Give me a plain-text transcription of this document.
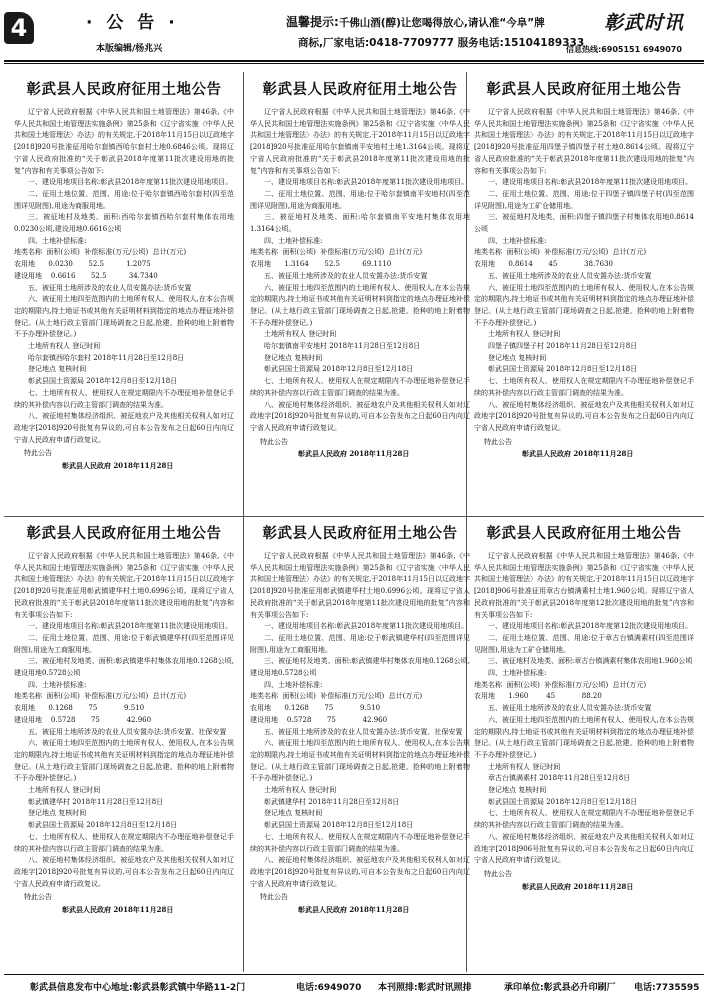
4	· 公 告 ·
本版编辑/杨兆兴
温馨提示:千佛山酒(醇)让您喝得放心,请认准“今阜”牌
商标,厂家电话:0418-7709777 服务电话:15104189333
彰武时讯
信息热线:6905151 6949070
彰武县人民政府征用土地公告

辽宁省人民政府根据《中华人民共和国土地管理法》第46条,《中华人民共和国土地管理法实施条例》第25条和《辽宁省实施〈中华人民共和国土地管理法〉办法》的有关规定,于2018年11月15日以辽政地字[2018]920号批准征用哈尔套镇西哈尔套村土地0.6846公顷。现将辽宁省人民政府批准的“关于彰武县2018年度第11批次建设用地的批复”内容和有关事项公告如下:

一、建设用地项目名称:彰武县2018年度第11批次建设用地项目。

二、征用土地位置、范围、用途:位于哈尔套镇西哈尔套村(四至范围详见附图),用途为商服用地。

三、被征地村及地类、面积:西哈尔套镇西哈尔套村集体农用地0.0230公顷,建设用地0.6616公顷

四、土地补偿标准:

地类名称  面积(公顷)  补偿标准(万元/公顷)  总计(万元)

农用地      0.0230       52.5          1.2075

建设用地    0.6616       52.5          34.7340

五、被征用土地所涉及的农业人员安置办法:货币安置

六、被征用土地四至范围内的土地所有权人、使用权人,在本公告规定的期限内,持土地证书或其他有关证明材料到指定的地点办理征地补偿登记。(从土地行政主管部门现场调查之日起,抢建、抢种的地上附着物不予办理补偿登记。)

土地所有权人 登记时间

哈尔套镇西哈尔套村 2018年11月28日至12月8日

登记地点 复核时间

彰武县国土资源局 2018年12月8日至12月18日

七、土地所有权人、使用权人在规定期限内不办理征地补偿登记手续的其补偿内容以行政主管部门调查的结果为准。

八、被征地村集体经济组织、被征地农户及其他相关权利人如对辽政地字[2018]920号批复有异议的,可自本公告发布之日起60日内向辽宁省人民政府申请行政复议。

特此公告
彰武县人民政府 2018年11月28日
彰武县人民政府征用土地公告

辽宁省人民政府根据《中华人民共和国土地管理法》第46条,《中华人民共和国土地管理法实施条例》第25条和《辽宁省实施〈中华人民共和国土地管理法〉办法》的有关规定,于2018年11月15日以辽政地字[2018]920号批准征用哈尔套镇南平安地村土地1.3164公顷。现将辽宁省人民政府批准的“关于彰武县2018年度第11批次建设用地的批复”内容和有关事项公告如下:

一、建设用地项目名称:彰武县2018年度第11批次建设用地项目。

二、征用土地位置、范围、用途:位于哈尔套镇南平安地村(四至范围详见附图),用途为商服用地。

三、被征地村及地类、面积:哈尔套镇南平安地村集体农用地1.3164公顷。

四、土地补偿标准:

地类名称  面积(公顷)  补偿标准(万元/公顷)  总计(万元)

农用地      1.3164       52.5          69.1110

五、被征用土地所涉及的农业人员安置办法:货币安置

六、被征用土地四至范围内的土地所有权人、使用权人,在本公告规定的期限内,持土地证书或其他有关证明材料到指定的地点办理征地补偿登记。(从土地行政主管部门现场调查之日起,抢建、抢种的地上附着物不予办理补偿登记。)

土地所有权人 登记时间

哈尔套镇南平安地村 2018年11月28日至12月8日

登记地点 复核时间

彰武县国土资源局 2018年12月8日至12月18日

七、土地所有权人、使用权人在规定期限内不办理征地补偿登记手续的其补偿内容以行政主管部门调查的结果为准。

八、被征地村集体经济组织、被征地农户及其他相关权利人如对辽政地字[2018]920号批复有异议的,可自本公告发布之日起60日内向辽宁省人民政府申请行政复议。

特此公告
彰武县人民政府 2018年11月28日
彰武县人民政府征用土地公告

辽宁省人民政府根据《中华人民共和国土地管理法》第46条,《中华人民共和国土地管理法实施条例》第25条和《辽宁省实施〈中华人民共和国土地管理法〉办法》的有关规定,于2018年11月15日以辽政地字[2018]920号批准征用四堡子镇四堡子村土地0.8614公顷。现将辽宁省人民政府批准的“关于彰武县2018年度第11批次建设用地的批复”内容和有关事项公告如下:

一、建设用地项目名称:彰武县2018年度第11批次建设用地项目。

二、征用土地位置、范围、用途:位于四堡子镇四堡子村(四至范围详见附图),用途为工矿仓储用地。

三、被征地村及地类、面积:四堡子镇四堡子村集体农用地0.8614公顷

四、土地补偿标准:

地类名称  面积(公顷)  补偿标准(万元/公顷)  总计(万元)

农用地      0.8614       45            38.7630

五、被征用土地所涉及的农业人员安置办法:货币安置

六、被征用土地四至范围内的土地所有权人、使用权人,在本公告规定的期限内,持土地证书或其他有关证明材料到指定的地点办理征地补偿登记。(从土地行政主管部门现场调查之日起,抢建、抢种的地上附着物不予办理补偿登记。)

土地所有权人 登记时间

四堡子镇四堡子村 2018年11月28日至12月8日

登记地点 复核时间

彰武县国土资源局 2018年12月8日至12月18日

七、土地所有权人、使用权人在规定期限内不办理征地补偿登记手续的其补偿内容以行政主管部门调查的结果为准。

八、被征地村集体经济组织、被征地农户及其他相关权利人如对辽政地字[2018]920号批复有异议的,可自本公告发布之日起60日内向辽宁省人民政府申请行政复议。

特此公告
彰武县人民政府 2018年11月28日
彰武县人民政府征用土地公告

辽宁省人民政府根据《中华人民共和国土地管理法》第46条,《中华人民共和国土地管理法实施条例》第25条和《辽宁省实施〈中华人民共和国土地管理法〉办法》的有关规定,于2018年11月15日以辽政地字[2018]920号批准征用彰武镇建华村土地0.6996公顷。现将辽宁省人民政府批准的“关于彰武县2018年度第11批次建设用地的批复”内容和有关事项公告如下:

一、建设用地项目名称:彰武县2018年度第11批次建设用地项目。

二、征用土地位置、范围、用途:位于彰武镇建华村(四至范围详见附图),用途为工商服用地。

三、被征地村及地类、面积:彰武镇建华村集体农用地0.1268公顷,建设用地0.5728公顷

四、土地补偿标准:

地类名称  面积(公顷)  补偿标准(万元/公顷)  总计(万元)

农用地      0.1268       75            9.510

建设用地    0.5728       75            42.960

五、被征用土地所涉及的农业人员安置办法:货币安置、社保安置

六、被征用土地四至范围内的土地所有权人、使用权人,在本公告规定的期限内,持土地证书或其他有关证明材料到指定的地点办理征地补偿登记。(从土地行政主管部门现场调查之日起,抢建、抢种的地上附着物不予办理补偿登记。)

土地所有权人 登记时间

彰武镇建华村 2018年11月28日至12月8日

登记地点 复核时间

彰武县国土资源局 2018年12月8日至12月18日

七、土地所有权人、使用权人在规定期限内不办理征地补偿登记手续的其补偿内容以行政主管部门调查的结果为准。

八、被征地村集体经济组织、被征地农户及其他相关权利人如对辽政地字[2018]920号批复有异议的,可自本公告发布之日起60日内向辽宁省人民政府申请行政复议。

特此公告
彰武县人民政府 2018年11月28日
彰武县人民政府征用土地公告

辽宁省人民政府根据《中华人民共和国土地管理法》第46条,《中华人民共和国土地管理法实施条例》第25条和《辽宁省实施〈中华人民共和国土地管理法〉办法》的有关规定,于2018年11月15日以辽政地字[2018]920号批准征用彰武镇建华村土地0.6996公顷。现将辽宁省人民政府批准的“关于彰武县2018年度第11批次建设用地的批复”内容和有关事项公告如下:

一、建设用地项目名称:彰武县2018年度第11批次建设用地项目。

二、征用土地位置、范围、用途:位于彰武镇建华村(四至范围详见附图),用途为工商服用地。

三、被征地村及地类、面积:彰武镇建华村集体农用地0.1268公顷,建设用地0.5728公顷

四、土地补偿标准:

地类名称  面积(公顷)  补偿标准(万元/公顷)  总计(万元)

农用地      0.1268       75            9.510

建设用地    0.5728       75            42.960

五、被征用土地所涉及的农业人员安置办法:货币安置、社保安置

六、被征用土地四至范围内的土地所有权人、使用权人,在本公告规定的期限内,持土地证书或其他有关证明材料到指定的地点办理征地补偿登记。(从土地行政主管部门现场调查之日起,抢建、抢种的地上附着物不予办理补偿登记。)

土地所有权人 登记时间

彰武镇建华村 2018年11月28日至12月8日

登记地点 复核时间

彰武县国土资源局 2018年12月8日至12月18日

七、土地所有权人、使用权人在规定期限内不办理征地补偿登记手续的其补偿内容以行政主管部门调查的结果为准。

八、被征地村集体经济组织、被征地农户及其他相关权利人如对辽政地字[2018]920号批复有异议的,可自本公告发布之日起60日内向辽宁省人民政府申请行政复议。

特此公告
彰武县人民政府 2018年11月28日
彰武县人民政府征用土地公告

辽宁省人民政府根据《中华人民共和国土地管理法》第46条,《中华人民共和国土地管理法实施条例》第25条和《辽宁省实施〈中华人民共和国土地管理法〉办法》的有关规定,于2018年11月15日以辽政地字[2018]906号批准征用章古台镇满素村土地1.960公顷。现将辽宁省人民政府批准的“关于彰武县2018年度第12批次建设用地的批复”内容和有关事项公告如下:

一、建设用地项目名称:彰武县2018年度第12批次建设用地项目。

二、征用土地位置、范围、用途:位于章古台镇满素村(四至范围详见附图),用途为工矿仓储用地。

三、被征地村及地类、面积:章古台镇满素村集体农用地1.960公顷

四、土地补偿标准:

地类名称  面积(公顷)  补偿标准(万元/公顷)  总计(万元)

农用地      1.960        45            88.20

五、被征用土地所涉及的农业人员安置办法:货币安置

六、被征用土地四至范围内的土地所有权人、使用权人,在本公告规定的期限内,持土地证书或其他有关证明材料到指定的地点办理征地补偿登记。(从土地行政主管部门现场调查之日起,抢建、抢种的地上附着物不予办理补偿登记。)

土地所有权人 登记时间

章古台镇满素村 2018年11月28日至12月8日

登记地点 复核时间

彰武县国土资源局 2018年12月8日至12月18日

七、土地所有权人、使用权人在规定期限内不办理征地补偿登记手续的其补偿内容以行政主管部门调查的结果为准。

八、被征地村集体经济组织、被征地农户及其他相关权利人如对辽政地字[2018]906号批复有异议的,可自本公告发布之日起60日内向辽宁省人民政府申请行政复议。

特此公告
彰武县人民政府 2018年11月28日
彰武县信息发布中心地址:彰武县彰武镇中华路11-2门	电话:6949070 本刊照排:彰武时讯照排	承印单位:彰武县必升印刷厂 电话:7735595
